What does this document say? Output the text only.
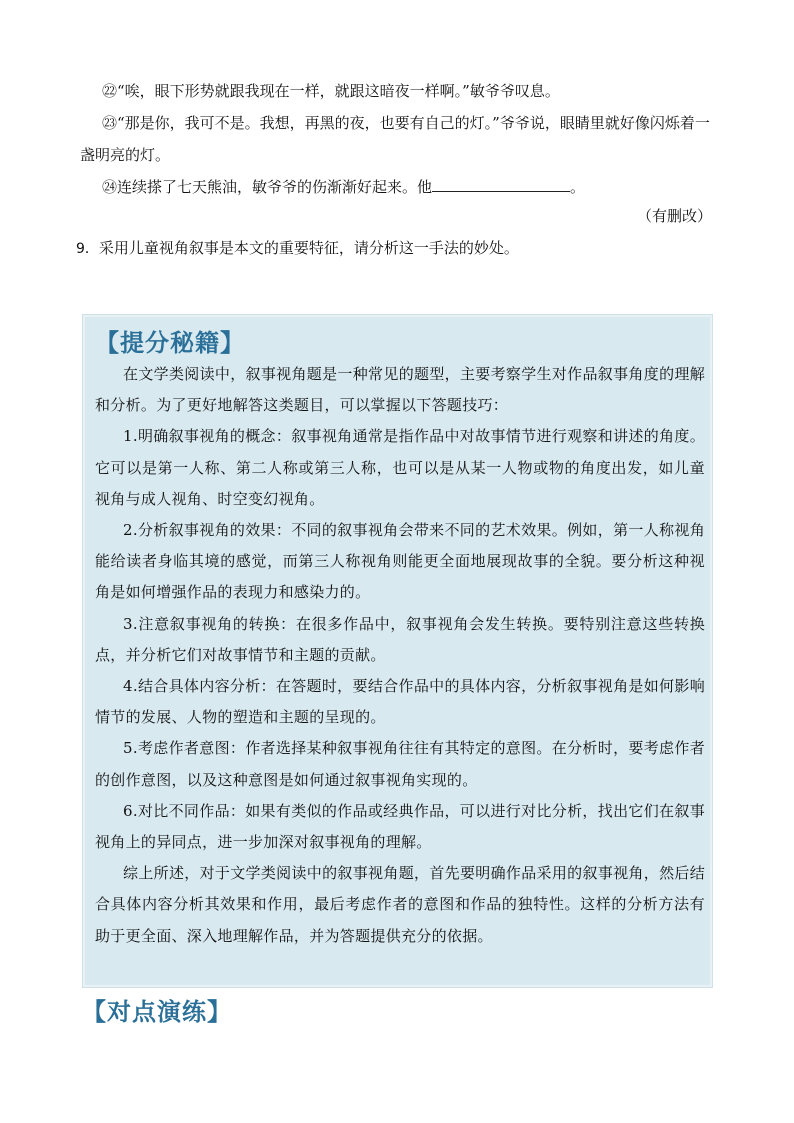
㉒“唉，眼下形势就跟我现在一样，就跟这暗夜一样啊。”敏爷爷叹息。

㉓“那是你，我可不是。我想，再黑的夜，也要有自己的灯。”爷爷说，眼睛里就好像闪烁着一盏明亮的灯。

㉔连续搽了七天熊油，敏爷爷的伤渐渐好起来。他	。

（有删改）
9．采用儿童视角叙事是本文的重要特征，请分析这一手法的妙处。
【提分秘籍】

在文学类阅读中，叙事视角题是一种常见的题型，主要考察学生对作品叙事角度的理解和分析。为了更好地解答这类题目，可以掌握以下答题技巧：

1.明确叙事视角的概念：叙事视角通常是指作品中对故事情节进行观察和讲述的角度。它可以是第一人称、第二人称或第三人称，也可以是从某一人物或物的角度出发，如儿童视角与成人视角、时空变幻视角。

2.分析叙事视角的效果：不同的叙事视角会带来不同的艺术效果。例如，第一人称视角能给读者身临其境的感觉，而第三人称视角则能更全面地展现故事的全貌。要分析这种视角是如何增强作品的表现力和感染力的。

3.注意叙事视角的转换：在很多作品中，叙事视角会发生转换。要特别注意这些转换点，并分析它们对故事情节和主题的贡献。

4.结合具体内容分析：在答题时，要结合作品中的具体内容，分析叙事视角是如何影响情节的发展、人物的塑造和主题的呈现的。

5.考虑作者意图：作者选择某种叙事视角往往有其特定的意图。在分析时，要考虑作者的创作意图，以及这种意图是如何通过叙事视角实现的。

6.对比不同作品：如果有类似的作品或经典作品，可以进行对比分析，找出它们在叙事视角上的异同点，进一步加深对叙事视角的理解。

综上所述，对于文学类阅读中的叙事视角题，首先要明确作品采用的叙事视角，然后结合具体内容分析其效果和作用，最后考虑作者的意图和作品的独特性。这样的分析方法有助于更全面、深入地理解作品，并为答题提供充分的依据。

【对点演练】
